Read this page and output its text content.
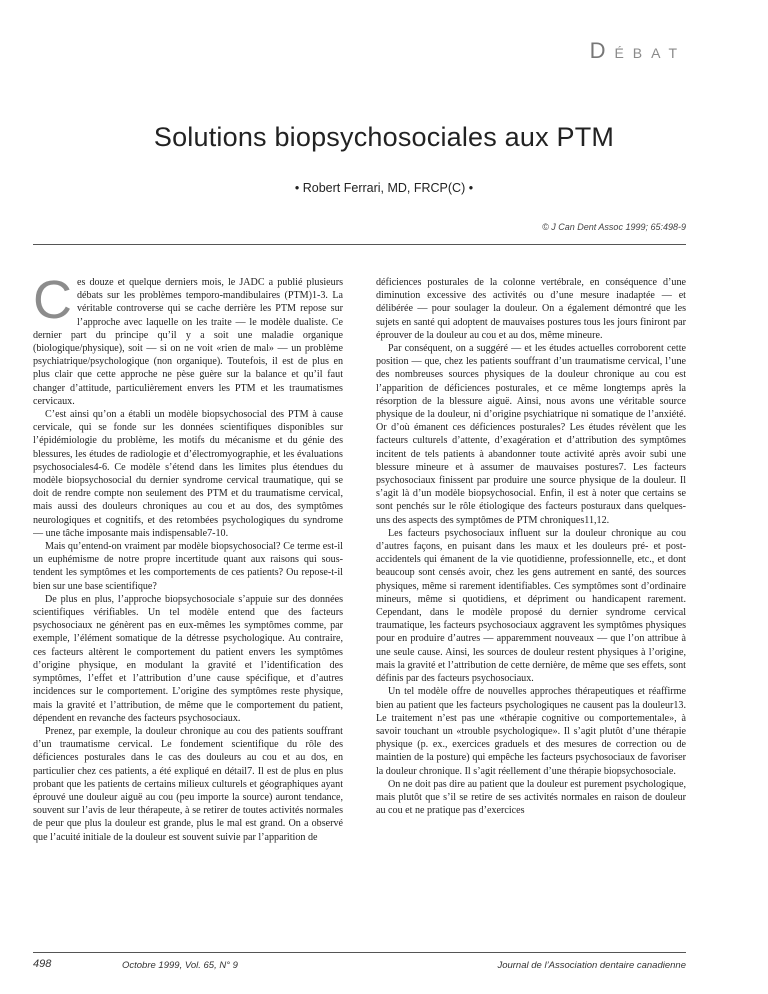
DÉBAT
Solutions biopsychosociales aux PTM
• Robert Ferrari, MD, FRCP(C) •
© J Can Dent Assoc 1999; 65:498-9
C es douze et quelque derniers mois, le JADC a publié plusieurs débats sur les problèmes temporo-mandibulaires (PTM)1-3. La véritable controverse qui se cache derrière les PTM repose sur l’approche avec laquelle on les traite — le modèle dualiste. Ce dernier part du principe qu’il y a soit une maladie organique (biologique/physique), soit — si on ne voit «rien de mal» — un problème psychiatrique/psychologique (non organique). Toutefois, il est de plus en plus clair que cette approche ne pèse guère sur la balance et qu’il faut changer d’attitude, particulièrement envers les PTM et les traumatismes cervicaux.

C’est ainsi qu’on a établi un modèle biopsychosocial des PTM à cause cervicale, qui se fonde sur les données scientifiques disponibles sur l’épidémiologie du problème, les motifs du mécanisme et du génie des blessures, les études de radiologie et d’électromyographie, et les évaluations psychosociales4-6. Ce modèle s’étend dans les limites plus étendues du modèle biopsychosocial du dernier syndrome cervical traumatique, qui se doit de rendre compte non seulement des PTM et du traumatisme cervical, mais aussi des douleurs chroniques au cou et au dos, des symptômes neurologiques et cognitifs, et des retombées psychologiques du syndrome — une tâche imposante mais indispensable7-10.

Mais qu’entend-on vraiment par modèle biopsychosocial? Ce terme est-il un euphémisme de notre propre incertitude quant aux raisons qui sous-tendent les symptômes et les comportements de ces patients? Ou repose-t-il bien sur une base scientifique?

De plus en plus, l’approche biopsychosociale s’appuie sur des données scientifiques vérifiables. Un tel modèle entend que des facteurs psychosociaux ne génèrent pas en eux-mêmes les symptômes comme, par exemple, l’élément somatique de la détresse psychologique. Au contraire, ces facteurs altèrent le comportement du patient envers les symptômes d’origine physique, en modulant la gravité et l’identification des symptômes, l’effet et l’attribution d’une cause spécifique, et d’autres incidences sur le comportement. L’origine des symptômes reste physique, mais la gravité et l’attribution, de même que le comportement du patient, dépendent en revanche des facteurs psychosociaux.

Prenez, par exemple, la douleur chronique au cou des patients souffrant d’un traumatisme cervical. Le fondement scientifique du rôle des déficiences posturales dans le cas des douleurs au cou et au dos, en particulier chez ces patients, a été expliqué en détail7. Il est de plus en plus probant que les patients de certains milieux culturels et géographiques ayant éprouvé une douleur aiguë au cou (peu importe la source) auront tendance, souvent sur l’avis de leur thérapeute, à se retirer de toutes activités normales de peur que plus la douleur est grande, plus le mal est grand. On a observé que l’acuité initiale de la douleur est souvent suivie par l’apparition de

déficiences posturales de la colonne vertébrale, en conséquence d’une diminution excessive des activités ou d’une mesure inadaptée — et délibérée — pour soulager la douleur. On a également démontré que les sujets en santé qui adoptent de mauvaises postures tous les jours finiront par éprouver de la douleur au cou et au dos, même mineure.

Par conséquent, on a suggéré — et les études actuelles corroborent cette position — que, chez les patients souffrant d’un traumatisme cervical, l’une des nombreuses sources physiques de la douleur chronique au cou est l’apparition de déficiences posturales, et ce même longtemps après la résorption de la blessure aiguë. Ainsi, nous avons une véritable source physique de la douleur, ni d’origine psychiatrique ni somatique de l’anxiété. Or d’où émanent ces déficiences posturales? Les études révèlent que les facteurs culturels d’attente, d’exagération et d’attribution des symptômes incitent de tels patients à abandonner toute activité après avoir subi une blessure mineure et à assumer de mauvaises postures7. Les facteurs psychosociaux finissent par produire une source physique de la douleur. Il s’agit là d’un modèle biopsychosocial. Enfin, il est à noter que certains se sont penchés sur le rôle étiologique des facteurs posturaux dans quelques-uns des aspects des symptômes de PTM chroniques11,12.

Les facteurs psychosociaux influent sur la douleur chronique au cou d’autres façons, en puisant dans les maux et les douleurs pré- et post-accidentels qui émanent de la vie quotidienne, professionnelle, etc., et dont beaucoup sont censés avoir, chez les gens autrement en santé, des sources physiques, même si rarement identifiables. Ces symptômes sont d’ordinaire mineurs, même si quotidiens, et dépriment ou handicapent rarement. Cependant, dans le modèle proposé du dernier syndrome cervical traumatique, les facteurs psychosociaux aggravent les symptômes physiques pour en produire d’autres — apparemment nouveaux — que l’on attribue à une seule cause. Ainsi, les sources de douleur restent physiques à l’origine, mais la gravité et l’attribution de cette dernière, de même que ses effets, sont définis par des facteurs psychosociaux.

Un tel modèle offre de nouvelles approches thérapeutiques et réaffirme bien au patient que les facteurs psychologiques ne causent pas la douleur13. Le traitement n’est pas une «thérapie cognitive ou comportementale», à savoir touchant un «trouble psychologique». Il s’agit plutôt d’une thérapie physique (p. ex., exercices graduels et des mesures de correction ou de maintien de la posture) qui empêche les facteurs psychosociaux de favoriser la douleur chronique. Il s’agit réellement d’une thérapie biopsychosociale.

On ne doit pas dire au patient que la douleur est purement psychologique, mais plutôt que s’il se retire de ses activités normales en raison de douleur au cou et ne pratique pas d’exercices

498	Octobre 1999, Vol. 65, N° 9	Journal de l’Association dentaire canadienne
